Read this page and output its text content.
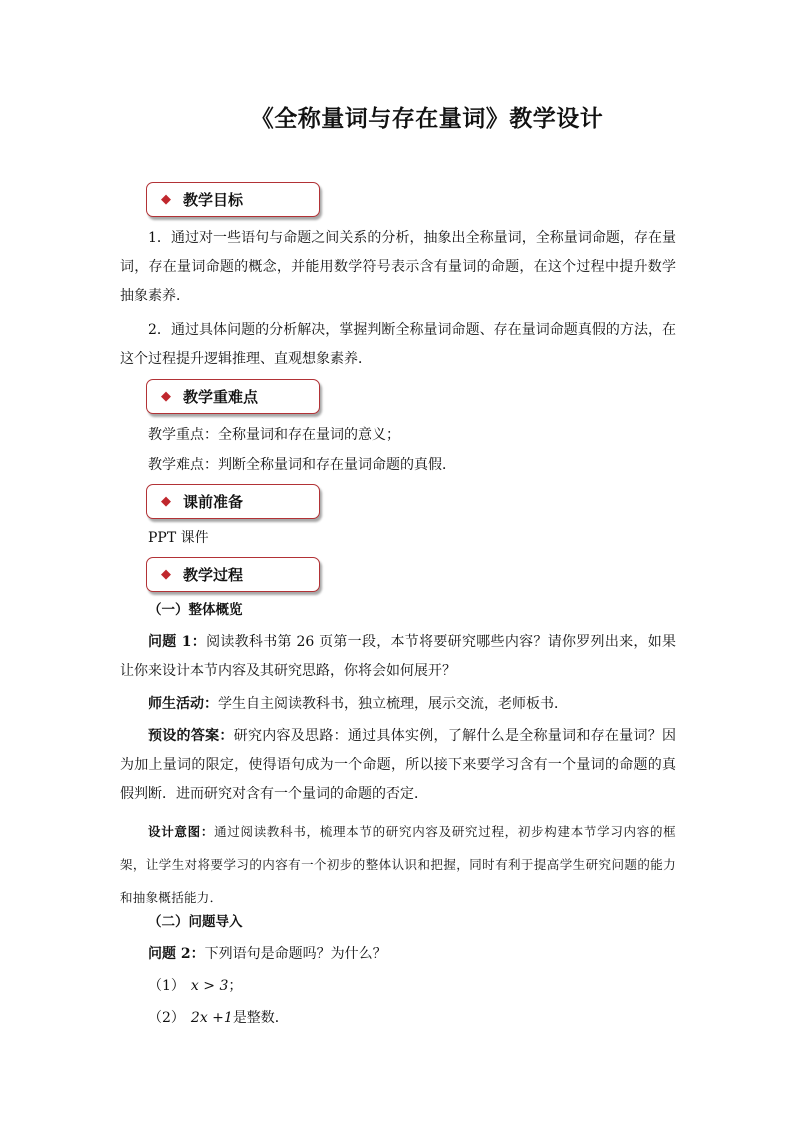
《全称量词与存在量词》教学设计
◆ 教学目标
1．通过对一些语句与命题之间关系的分析，抽象出全称量词，全称量词命题，存在量词，存在量词命题的概念，并能用数学符号表示含有量词的命题，在这个过程中提升数学抽象素养．
2．通过具体问题的分析解决，掌握判断全称量词命题、存在量词命题真假的方法，在这个过程提升逻辑推理、直观想象素养．
◆ 教学重难点
教学重点：全称量词和存在量词的意义；
教学难点：判断全称量词和存在量词命题的真假．
◆ 课前准备
PPT 课件
◆ 教学过程
（一）整体概览
问题 1：阅读教科书第 26 页第一段，本节将要研究哪些内容？请你罗列出来，如果让你来设计本节内容及其研究思路，你将会如何展开？
师生活动：学生自主阅读教科书，独立梳理，展示交流，老师板书．
预设的答案：研究内容及思路：通过具体实例，了解什么是全称量词和存在量词？因为加上量词的限定，使得语句成为一个命题，所以接下来要学习含有一个量词的命题的真假判断．进而研究对含有一个量词的命题的否定．
设计意图：通过阅读教科书，梳理本节的研究内容及研究过程，初步构建本节学习内容的框架，让学生对将要学习的内容有一个初步的整体认识和把握，同时有利于提高学生研究问题的能力和抽象概括能力．
（二）问题导入
问题 2：下列语句是命题吗？为什么？
（1） x > 3；
（2） 2x +1是整数．
